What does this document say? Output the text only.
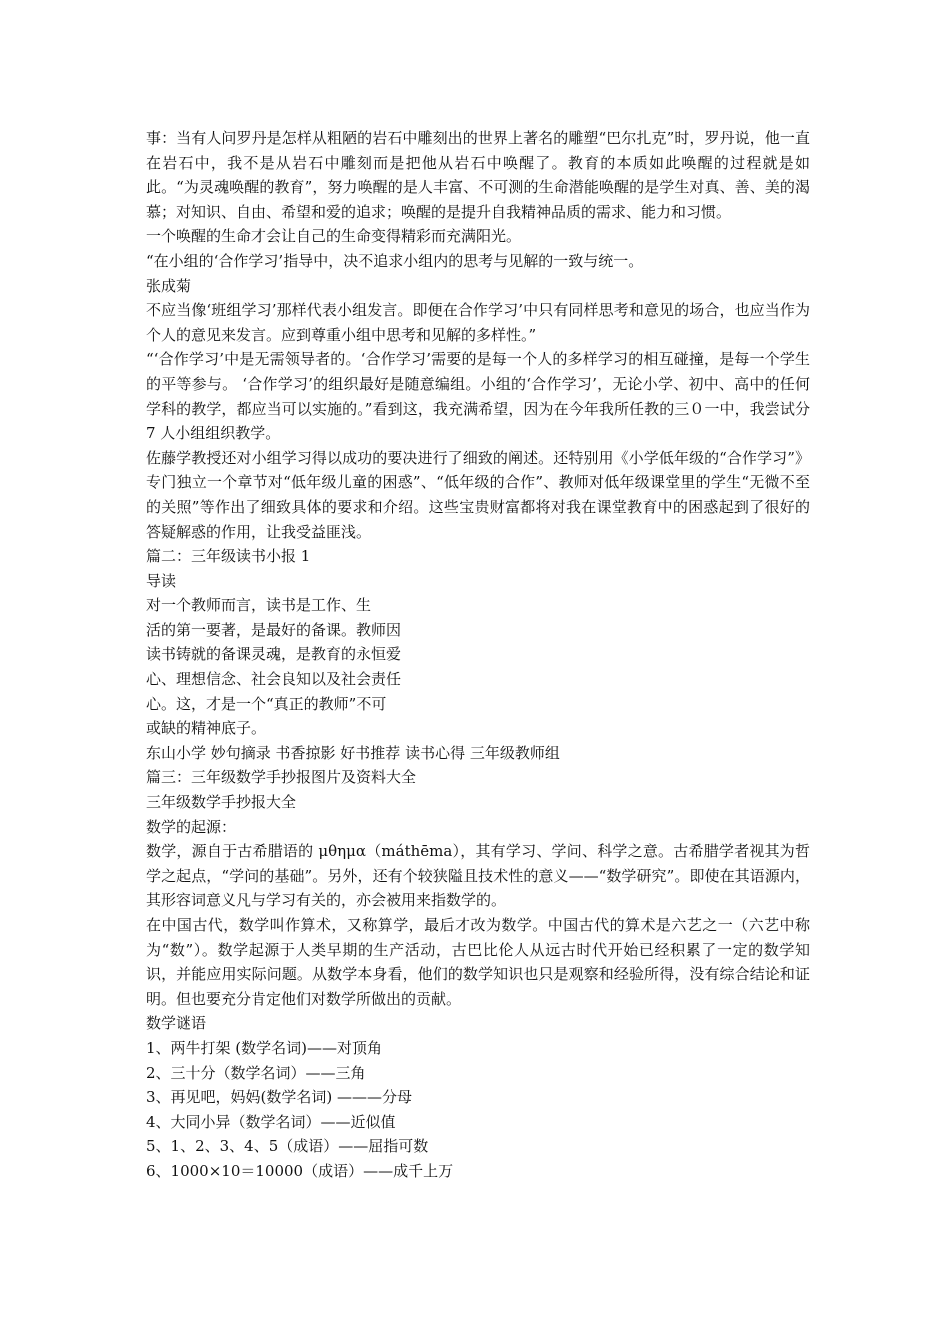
事：当有人问罗丹是怎样从粗陋的岩石中雕刻出的世界上著名的雕塑“巴尔扎克”时，罗丹说，他一直在岩石中，我不是从岩石中雕刻而是把他从岩石中唤醒了。教育的本质如此唤醒的过程就是如此。“为灵魂唤醒的教育”，努力唤醒的是人丰富、不可测的生命潜能唤醒的是学生对真、善、美的渴慕；对知识、自由、希望和爱的追求；唤醒的是提升自我精神品质的需求、能力和习惯。

一个唤醒的生命才会让自己的生命变得精彩而充满阳光。

“在小组的‘合作学习’指导中，决不追求小组内的思考与见解的一致与统一。

张成菊

不应当像‘班组学习’那样代表小组发言。即便在合作学习’中只有同样思考和意见的场合，也应当作为个人的意见来发言。应到尊重小组中思考和见解的多样性。”

“‘合作学习’中是无需领导者的。‘合作学习’需要的是每一个人的多样学习的相互碰撞，是每一个学生的平等参与。 ‘合作学习’的组织最好是随意编组。小组的‘合作学习’，无论小学、初中、高中的任何学科的教学，都应当可以实施的。”看到这，我充满希望，因为在今年我所任教的三０一中，我尝试分 7 人小组组织教学。

佐藤学教授还对小组学习得以成功的要决进行了细致的阐述。还特别用《小学低年级的“合作学习”》专门独立一个章节对“低年级儿童的困惑”、“低年级的合作”、教师对低年级课堂里的学生“无微不至的关照”等作出了细致具体的要求和介绍。这些宝贵财富都将对我在课堂教育中的困惑起到了很好的答疑解惑的作用，让我受益匪浅。

篇二：三年级读书小报 1

导读

对一个教师而言，读书是工作、生

活的第一要著，是最好的备课。教师因

读书铸就的备课灵魂，是教育的永恒爱

心、理想信念、社会良知以及社会责任

心。这，才是一个“真正的教师”不可

或缺的精神底子。

东山小学 妙句摘录 书香掠影 好书推荐 读书心得 三年级教师组

篇三：三年级数学手抄报图片及资料大全

三年级数学手抄报大全

数学的起源：

数学，源自于古希腊语的 μθημα（máthēma），其有学习、学问、科学之意。古希腊学者视其为哲学之起点，“学问的基础”。另外，还有个较狭隘且技术性的意义——“数学研究”。即使在其语源内，其形容词意义凡与学习有关的，亦会被用来指数学的。

在中国古代，数学叫作算术，又称算学，最后才改为数学。中国古代的算术是六艺之一（六艺中称为“数”）。数学起源于人类早期的生产活动，古巴比伦人从远古时代开始已经积累了一定的数学知识，并能应用实际问题。从数学本身看，他们的数学知识也只是观察和经验所得，没有综合结论和证明。但也要充分肯定他们对数学所做出的贡献。

数学谜语

1、两牛打架 (数学名词)——对顶角

2、三十分（数学名词）——三角

3、再见吧，妈妈(数学名词) ———分母

4、大同小异（数学名词）——近似值

5、1、2、3、4、5（成语）——屈指可数

6、1000×10＝10000（成语）——成千上万
